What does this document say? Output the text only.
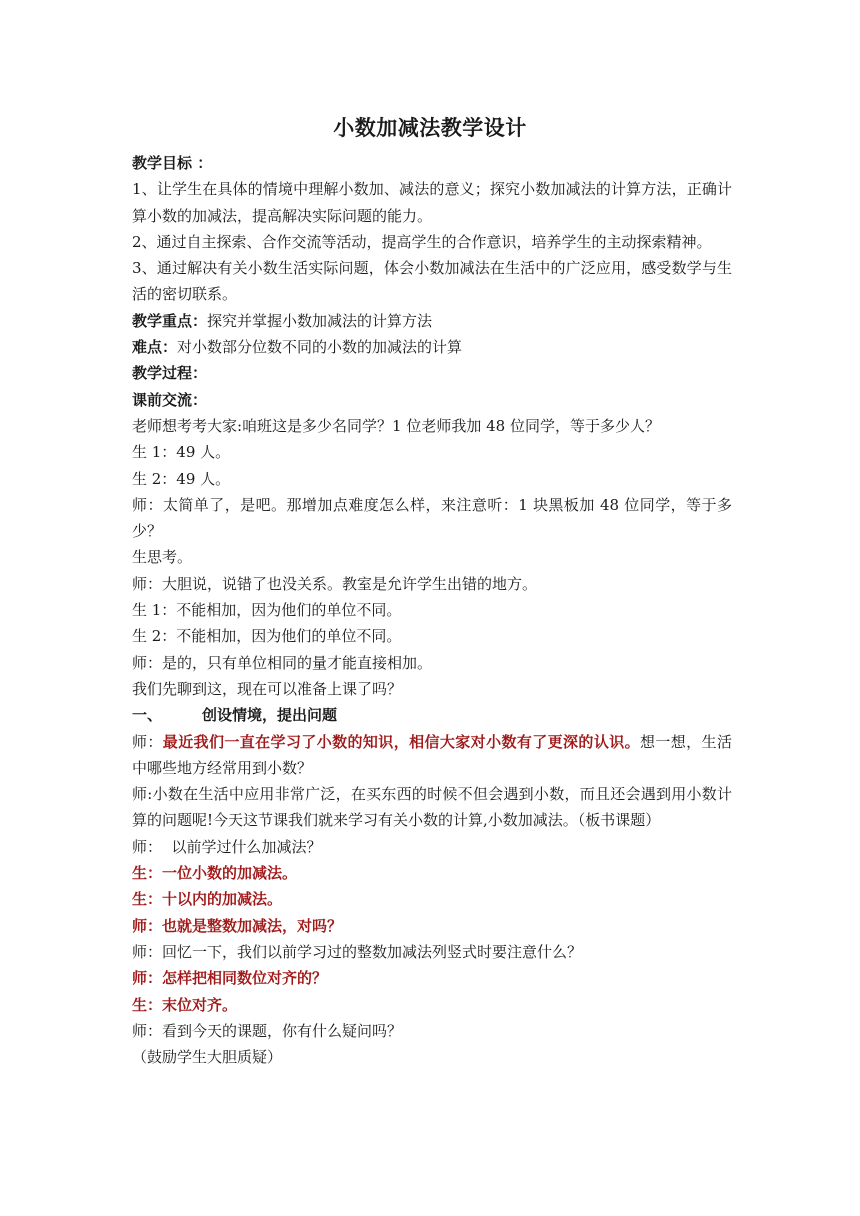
小数加减法教学设计

教学目标 ：

1、让学生在具体的情境中理解小数加、减法的意义；探究小数加减法的计算方法，正确计算小数的加减法，提高解决实际问题的能力。

2、通过自主探索、合作交流等活动，提高学生的合作意识，培养学生的主动探索精神。

3、通过解决有关小数生活实际问题，体会小数加减法在生活中的广泛应用，感受数学与生活的密切联系。

教学重点：探究并掌握小数加减法的计算方法

难点：对小数部分位数不同的小数的加减法的计算

教学过程：

课前交流：

老师想考考大家:咱班这是多少名同学？1 位老师我加 48 位同学，等于多少人？

生 1：49 人。

生 2：49 人。

师：太简单了，是吧。那增加点难度怎么样，来注意听：1 块黑板加 48 位同学，等于多少？

生思考。

师：大胆说，说错了也没关系。教室是允许学生出错的地方。

生 1：不能相加，因为他们的单位不同。

生 2：不能相加，因为他们的单位不同。

师：是的，只有单位相同的量才能直接相加。

我们先聊到这，现在可以准备上课了吗？

一、	创设情境，提出问题

师：最近我们一直在学习了小数的知识，相信大家对小数有了更深的认识。想一想，生活中哪些地方经常用到小数？

师:小数在生活中应用非常广泛，在买东西的时候不但会遇到小数，而且还会遇到用小数计算的问题呢!今天这节课我们就来学习有关小数的计算,小数加减法。（板书课题）

师：  以前学过什么加减法？

生：一位小数的加减法。

生：十以内的加减法。

师：也就是整数加减法，对吗？

师：回忆一下，我们以前学习过的整数加减法列竖式时要注意什么？

师：怎样把相同数位对齐的？

生：末位对齐。

师：看到今天的课题，你有什么疑问吗？

（鼓励学生大胆质疑）
